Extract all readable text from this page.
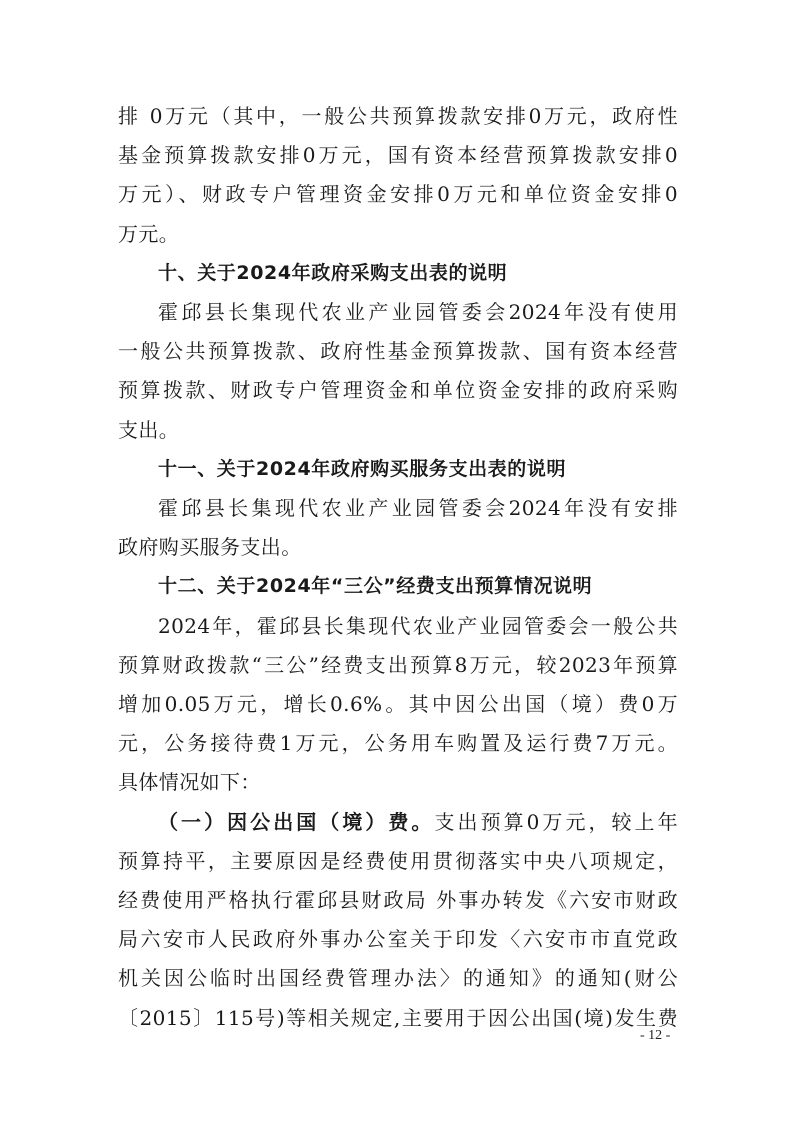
排 0万元（其中，一般公共预算拨款安排0万元，政府性

基金预算拨款安排0万元，国有资本经营预算拨款安排0

万元）、财政专户管理资金安排0万元和单位资金安排0

万元。

十、关于2024年政府采购支出表的说明

霍邱县长集现代农业产业园管委会2024年没有使用

一般公共预算拨款、政府性基金预算拨款、国有资本经营

预算拨款、财政专户管理资金和单位资金安排的政府采购

支出。

十一、关于2024年政府购买服务支出表的说明

霍邱县长集现代农业产业园管委会2024年没有安排

政府购买服务支出。

十二、关于2024年“三公”经费支出预算情况说明

2024年，霍邱县长集现代农业产业园管委会一般公共

预算财政拨款“三公”经费支出预算8万元，较2023年预算

增加0.05万元，增长0.6%。其中因公出国（境）费0万

元，公务接待费1万元，公务用车购置及运行费7万元。

具体情况如下：

（一）因公出国（境）费。支出预算0万元，较上年

预算持平，主要原因是经费使用贯彻落实中央八项规定，

经费使用严格执行霍邱县财政局 外事办转发《六安市财政

局六安市人民政府外事办公室关于印发〈六安市市直党政

机关因公临时出国经费管理办法〉的通知》的通知(财公

〔2015〕115号)等相关规定,主要用于因公出国(境)发生费

- 12 -
